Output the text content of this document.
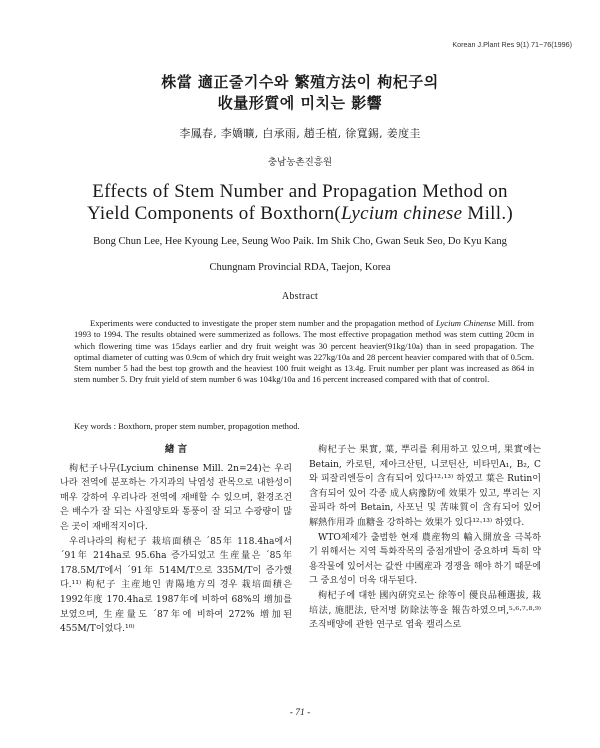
Korean J.Plant Res 9(1) 71~76(1996)
株當 適正줄기수와 繁殖方法이 枸杞子의
收量形質에 미치는 影響
李鳳春, 李嬌曠, 白承雨, 趙壬植, 徐寬錫, 姜度圭
충남농촌진흥원
Effects of Stem Number and Propagation Method on
Yield Components of Boxthorn(Lycium chinese Mill.)
Bong Chun Lee, Hee Kyoung Lee, Seung Woo Paik. Im Shik Cho, Gwan Seuk Seo, Do Kyu Kang
Chungnam Provincial RDA, Taejon, Korea
Abstract
Experiments were conducted to investigate the proper stem number and the propagation method of Lycium Chinense Mill. from 1993 to 1994. The results obtained were summerized as follows. The most effective propagation method was stem cutting 20cm in which flowering time was 15days earlier and dry fruit weight was 30 percent heavier(91kg/10a) than in seed propagation. The optimal diameter of cutting was 0.9cm of which dry fruit weight was 227kg/10a and 28 percent heavier compared with that of 0.5cm. Stem number 5 had the best top growth and the heaviest 100 fruit weight as 13.4g. Fruit number per plant was increased as 864 in stem number 5. Dry fruit yield of stem number 6 was 104kg/10a and 16 percent increased compared with that of control.
Key words : Boxthorn, proper stem number, propagotion method.
緖 言

枸杞子나무(Lycium chinense Mill. 2n=24)는 우리나라 전역에 분포하는 가지과의 낙엽성 관목으로 내한성이 매우 강하여 우리나라 전역에 재배할 수 있으며, 환경조건은 배수가 잘 되는 사질양토와 통풍이 잘 되고 수광량이 많은 곳이 재배적지이다.

우리나라의 枸杞子 栽培面積은 ´85年 118.4ha에서 ´91年 214ha로 95.6ha 증가되었고 生産量은 ´85年 178.5M/T에서 ´91年 514M/T으로 335M/T이 증가했다.¹¹⁾ 枸杞子 主産地인 靑陽地方의 경우 栽培面積은 1992年度 170.4ha로 1987年에 비하여 68%의 增加를 보였으며, 生産量도 ´87年에 비하여 272% 增加된 455M/T이었다.¹⁰⁾

枸杞子는 果實, 葉, 뿌리를 利用하고 있으며, 果實에는 Betain, 카로틴, 제아크산틴, 니코틴산, 비타민A₁, B₂, C와 피잘리엔등이 含有되어 있다¹²·¹³⁾ 하였고 葉은 Rutin이 含有되어 있어 각종 成人病豫防에 效果가 있고, 뿌리는 지골피라 하여 Betain, 사포닌 및 苦味質이 含有되어 있어 解熱作用과 血糖을 강하하는 效果가 있다¹²·¹³⁾ 하였다.

WTO체제가 출범한 현재 農産物의 輸入開放을 극복하기 위해서는 지역 특화작목의 중점개발이 중요하며 특히 약용작물에 있어서는 값싼 中國産과 경쟁을 해야 하기 때문에 그 중요성이 더욱 대두된다.

枸杞子에 대한 國內硏究로는 徐等이 優良品種選拔, 栽培法, 施肥法, 탄저병 防除法等을 報告하였으며,⁵·⁶·⁷·⁸·⁹⁾ 조직배양에 관한 연구로 엽육 캘리스로

- 71 -
